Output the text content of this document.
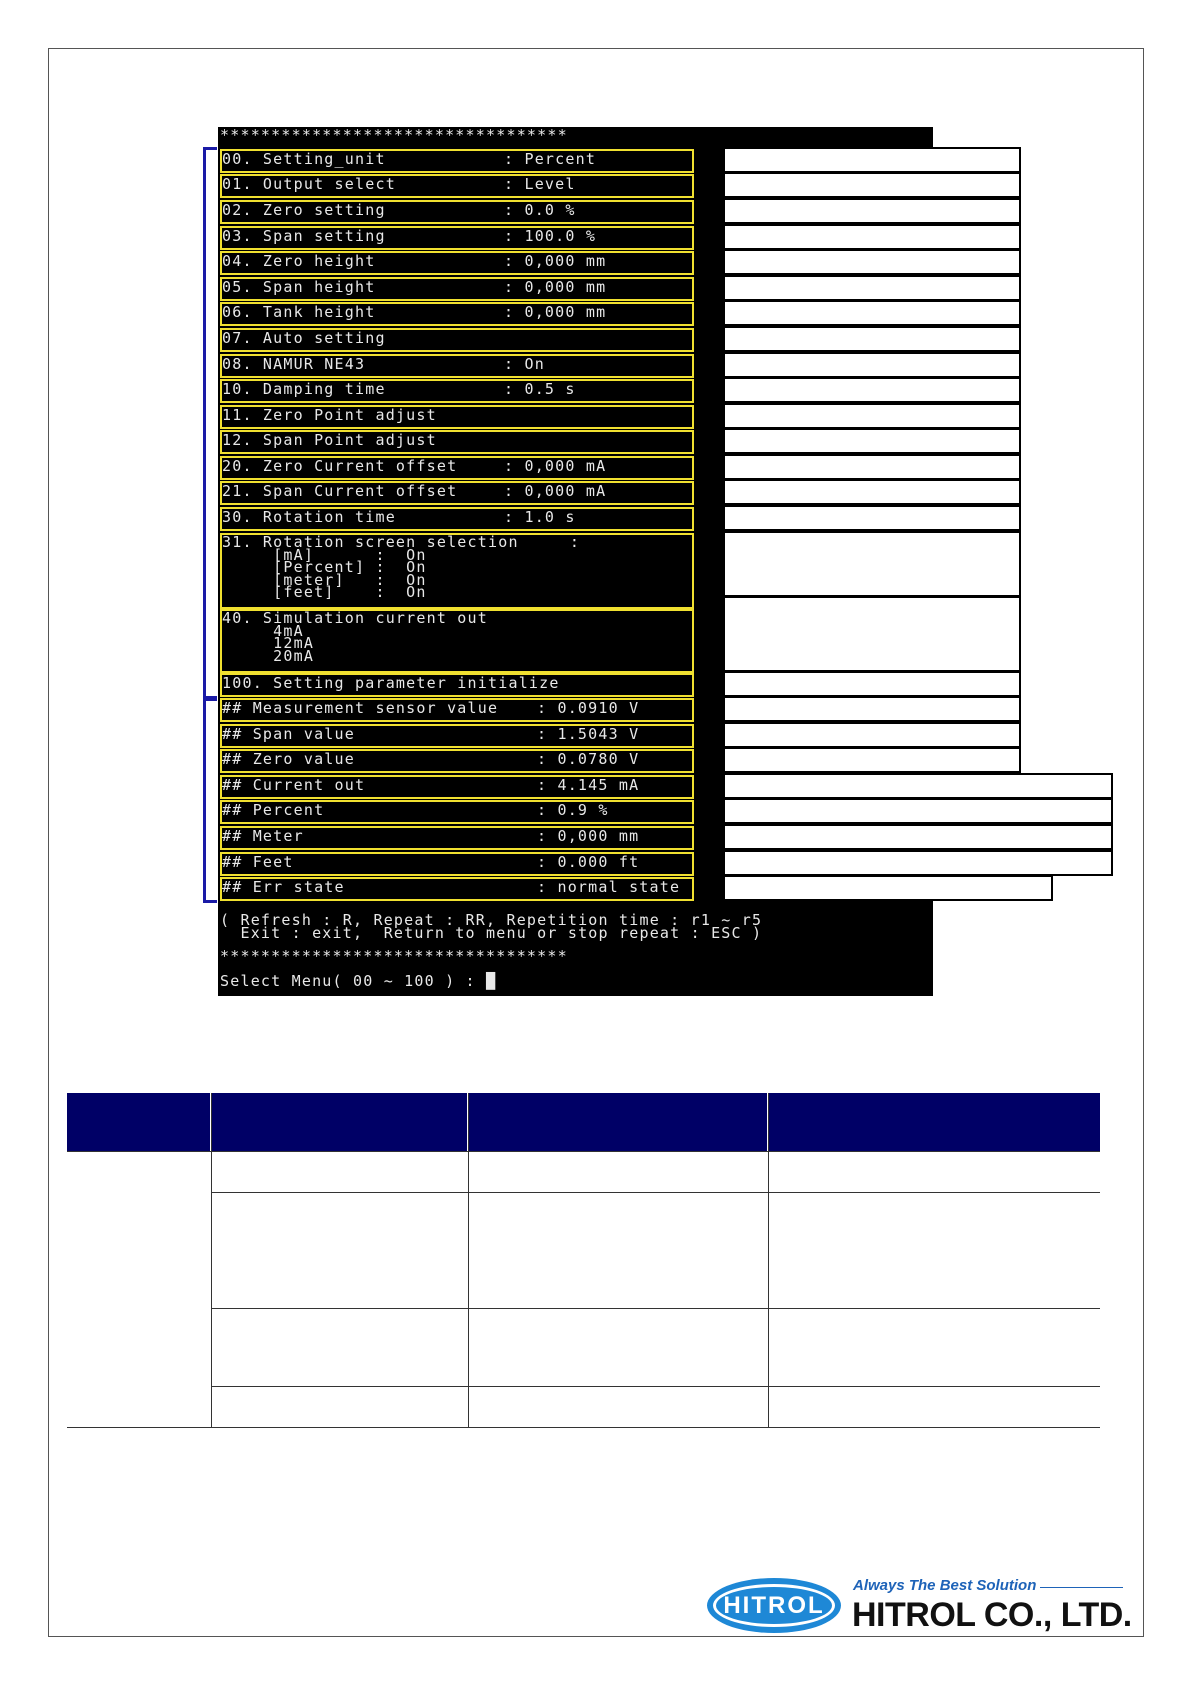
**********************************
( Refresh : R, Repeat : RR, Repetition time : r1 ~ r5
Exit : exit,  Return to menu or stop repeat : ESC )
**********************************
Select Menu( 00 ~ 100 ) : █
00. Setting_unit	: Percent
01. Output select	: Level
02. Zero setting	: 0.0 %
03. Span setting	: 100.0 %
04. Zero height	: 0,000 mm
05. Span height	: 0,000 mm
06. Tank height	: 0,000 mm
07. Auto setting
08. NAMUR NE43	: On
10. Damping time	: 0.5 s
11. Zero Point adjust
12. Span Point adjust
20. Zero Current offset	: 0,000 mA
21. Span Current offset	: 0,000 mA
30. Rotation time	: 1.0 s
31. Rotation screen selection     :
[mA]      :  On
[Percent] :  On
[meter]   :  On
[feet]    :  On
40. Simulation current out
4mA
12mA
20mA
100. Setting parameter initialize
## Measurement sensor value	: 0.0910 V
## Span value	: 1.5043 V
## Zero value	: 0.0780 V
## Current out	: 4.145 mA
## Percent	: 0.9 %
## Meter	: 0,000 mm
## Feet	: 0.000 ft
## Err state	: normal state
HITROL
Always The Best Solution
HITROL CO., LTD.
